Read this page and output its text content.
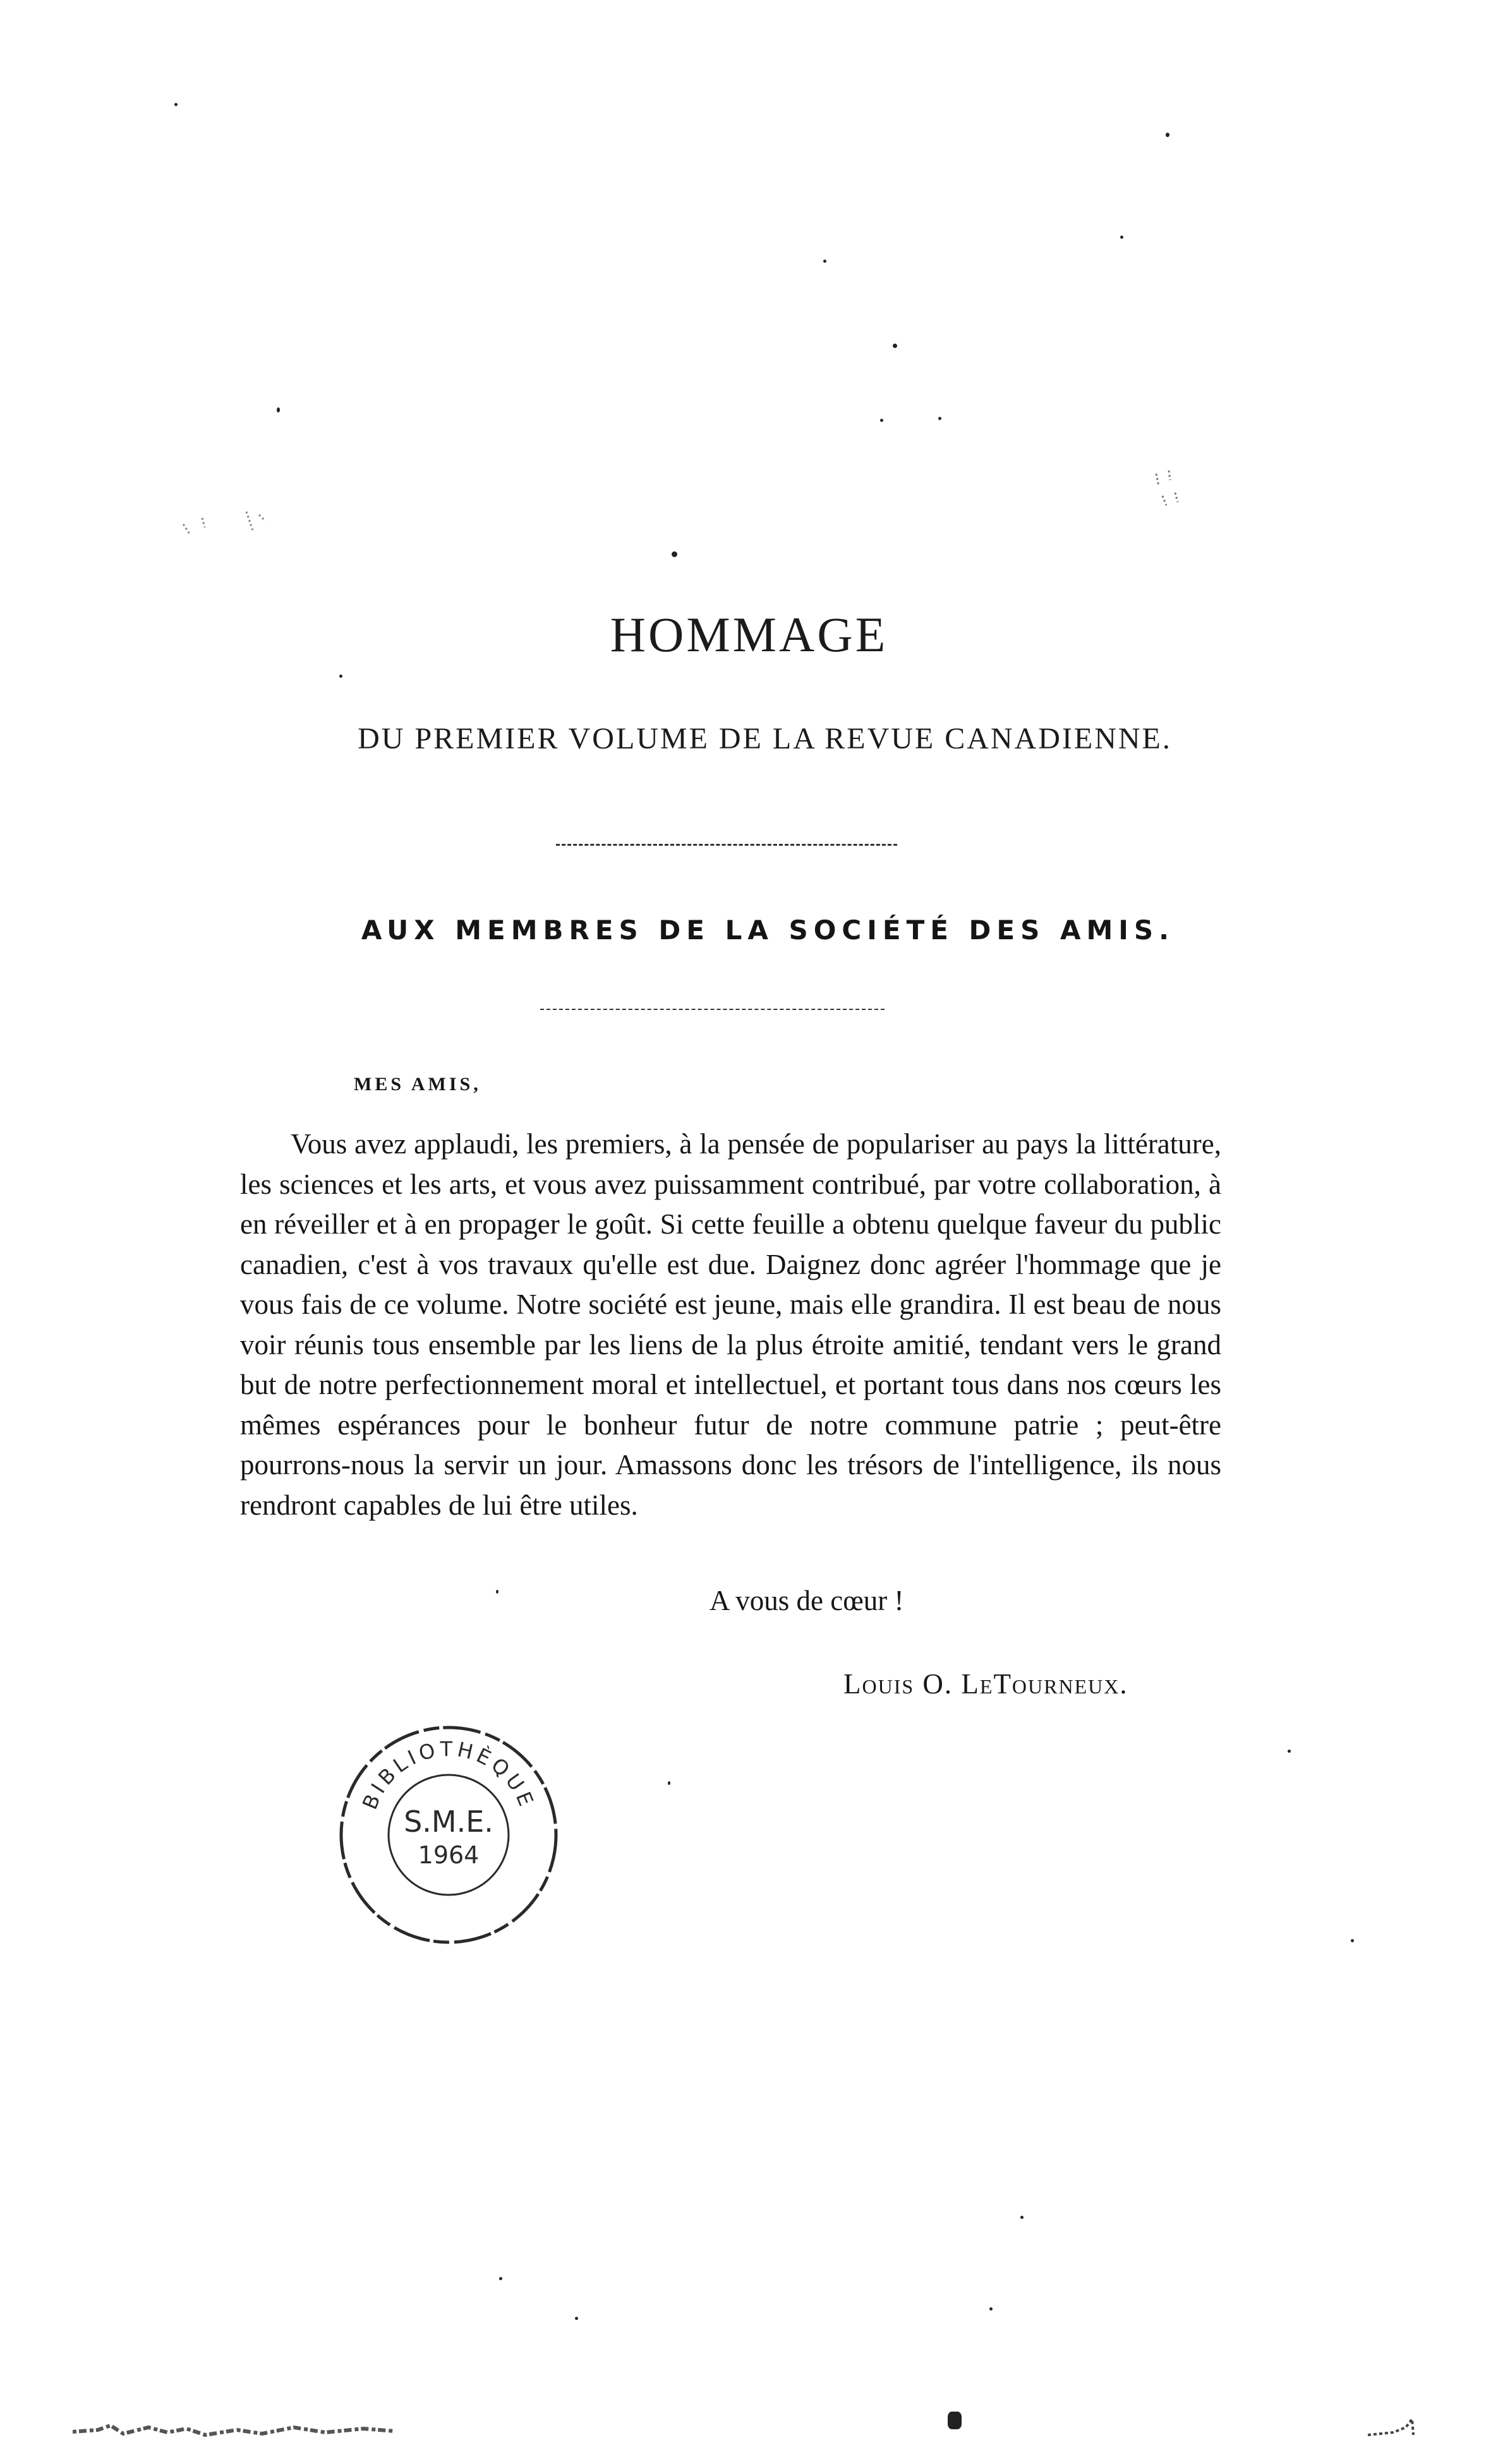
HOMMAGE
DU PREMIER VOLUME DE LA REVUE CANADIENNE.
AUX MEMBRES DE LA SOCIÉTÉ DES AMIS.
MES AMIS,
Vous avez applaudi, les premiers, à la pensée de populariser au pays la littérature, les sciences et les arts, et vous avez puissamment contribué, par votre collaboration, à en réveiller et à en propager le goût. Si cette feuille a obtenu quelque faveur du public canadien, c'est à vos travaux qu'elle est due. Daignez donc agréer l'hommage que je vous fais de ce volume. Notre société est jeune, mais elle grandira. Il est beau de nous voir réunis tous ensemble par les liens de la plus étroite amitié, tendant vers le grand but de notre perfectionnement moral et intellectuel, et portant tous dans nos cœurs les mêmes espérances pour le bonheur futur de notre commune patrie ; peut-être pourrons-nous la servir un jour. Amassons donc les trésors de l'intelligence, ils nous rendront capables de lui être utiles.
A vous de cœur !
Louis O. LeTourneux.
BIBLIOTHÈQUE
S.M.E.
1964
